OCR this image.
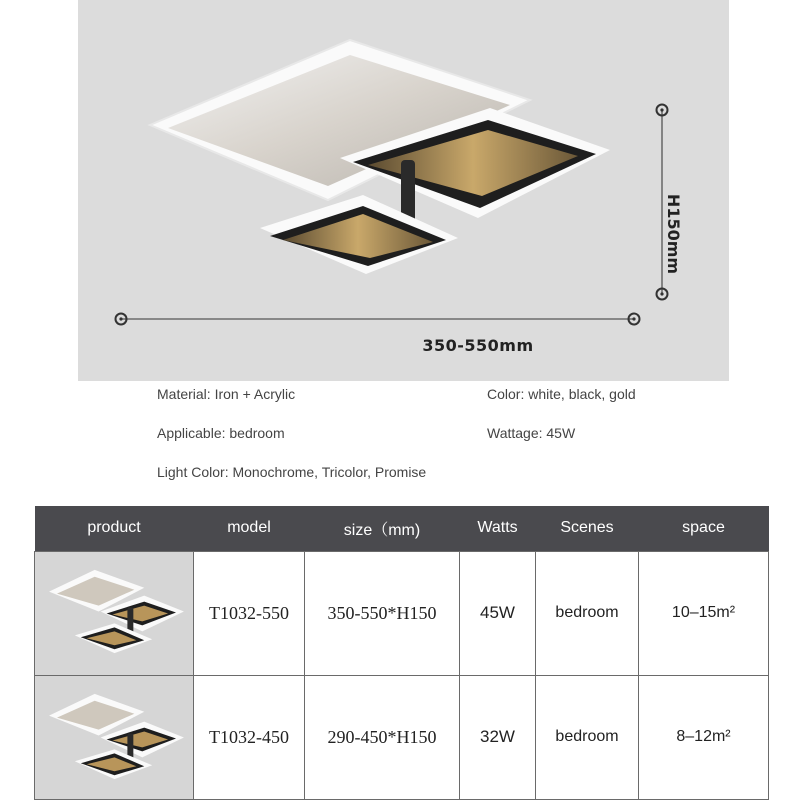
350-550mm
H150mm
Material: Iron + Acrylic	Color: white, black, gold
Applicable: bedroom	Wattage: 45W
Light Color: Monochrome, Tricolor, Promise
product	model	size（mm)	Watts	Scenes	space

	T1032-550	350-550*H150	45W	bedroom	10–15m²

	T1032-450	290-450*H150	32W	bedroom	8–12m²
